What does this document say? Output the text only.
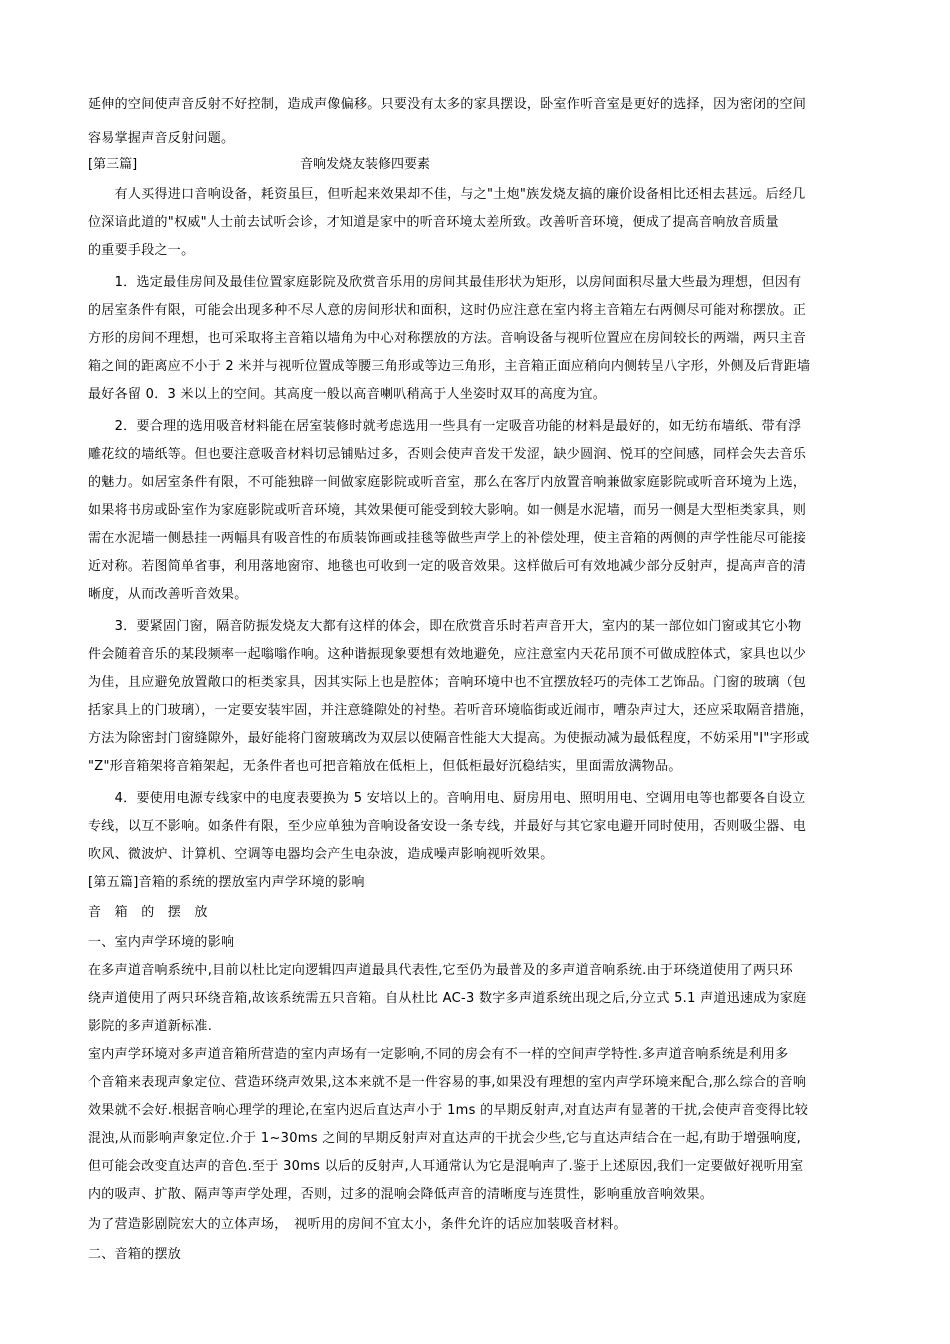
延伸的空间使声音反射不好控制，造成声像偏移。只要没有太多的家具摆设，卧室作听音室是更好的选择，因为密闭的空间
容易掌握声音反射问题。
[第三篇]	音响发烧友装修四要素
　　有人买得进口音响设备，耗资虽巨，但听起来效果却不佳，与之"土炮"族发烧友搞的廉价设备相比还相去甚远。后经几
位深谙此道的"权威"人士前去试听会诊，才知道是家中的听音环境太差所致。改善听音环境，便成了提高音响放音质量
的重要手段之一。
　　1．选定最佳房间及最佳位置家庭影院及欣赏音乐用的房间其最佳形状为矩形，以房间面积尽量大些最为理想，但因有
的居室条件有限，可能会出现多种不尽人意的房间形状和面积，这时仍应注意在室内将主音箱左右两侧尽可能对称摆放。正
方形的房间不理想，也可采取将主音箱以墙角为中心对称摆放的方法。音响设备与视听位置应在房间较长的两端，两只主音
箱之间的距离应不小于 2 米并与视听位置成等腰三角形或等边三角形，主音箱正面应稍向内侧转呈八字形，外侧及后背距墙
最好各留 0．3 米以上的空间。其高度一般以高音喇叭稍高于人坐姿时双耳的高度为宜。
　　2．要合理的选用吸音材料能在居室装修时就考虑选用一些具有一定吸音功能的材料是最好的，如无纺布墙纸、带有浮
雕花纹的墙纸等。但也要注意吸音材料切忌铺贴过多，否则会使声音发干发涩，缺少圆润、悦耳的空间感，同样会失去音乐
的魅力。如居室条件有限，不可能独辟一间做家庭影院或听音室，那么在客厅内放置音响兼做家庭影院或听音环境为上选，
如果将书房或卧室作为家庭影院或听音环境，其效果便可能受到较大影响。如一侧是水泥墙，而另一侧是大型柜类家具，则
需在水泥墙一侧悬挂一两幅具有吸音性的布质装饰画或挂毯等做些声学上的补偿处理，使主音箱的两侧的声学性能尽可能接
近对称。若图简单省事，利用落地窗帘、地毯也可收到一定的吸音效果。这样做后可有效地减少部分反射声，提高声音的清
晰度，从而改善听音效果。
　　3．要紧固门窗，隔音防振发烧友大都有这样的体会，即在欣赏音乐时若声音开大，室内的某一部位如门窗或其它小物
件会随着音乐的某段频率一起嗡嗡作响。这种谐振现象要想有效地避免，应注意室内天花吊顶不可做成腔体式，家具也以少
为佳，且应避免放置敞口的柜类家具，因其实际上也是腔体；音响环境中也不宜摆放轻巧的壳体工艺饰品。门窗的玻璃（包
括家具上的门玻璃），一定要安装牢固，并注意缝隙处的衬垫。若听音环境临街或近闹市，嘈杂声过大，还应采取隔音措施，
方法为除密封门窗缝隙外，最好能将门窗玻璃改为双层以使隔音性能大大提高。为使振动减为最低程度，不妨采用"I"字形或
"Z"形音箱架将音箱架起，无条件者也可把音箱放在低柜上，但低柜最好沉稳结实，里面需放满物品。
　　4．要使用电源专线家中的电度表要换为 5 安培以上的。音响用电、厨房用电、照明用电、空调用电等也都要各自设立
专线，以互不影响。如条件有限，至少应单独为音响设备安设一条专线，并最好与其它家电避开同时使用，否则吸尘器、电
吹风、微波炉、计算机、空调等电器均会产生电杂波，造成噪声影响视听效果。
[第五篇]音箱的系统的摆放室内声学环境的影响
音　箱　的　摆　放
一、室内声学环境的影响
在多声道音响系统中,目前以杜比定向逻辑四声道最具代表性,它至仍为最普及的多声道音响系统.由于环绕道使用了两只环
绕声道使用了两只环绕音箱,故该系统需五只音箱。自从杜比 AC-3 数字多声道系统出现之后,分立式 5.1 声道迅速成为家庭
影院的多声道新标准.
室内声学环境对多声道音箱所营造的室内声场有一定影响,不同的房会有不一样的空间声学特性.多声道音响系统是利用多
个音箱来表现声象定位、营造环绕声效果,这本来就不是一件容易的事,如果没有理想的室内声学环境来配合,那么综合的音响
效果就不会好.根据音响心理学的理论,在室内迟后直达声小于 1ms 的早期反射声,对直达声有显著的干扰,会使声音变得比较
混浊,从而影响声象定位.介于 1~30ms 之间的早期反射声对直达声的干扰会少些,它与直达声结合在一起,有助于增强响度,
但可能会改变直达声的音色.至于 30ms 以后的反射声,人耳通常认为它是混响声了.鉴于上述原因,我们一定要做好视听用室
内的吸声、扩散、隔声等声学处理，否则，过多的混响会降低声音的清晰度与连贯性，影响重放音响效果。
为了营造影剧院宏大的立体声场，　视听用的房间不宜太小，条件允许的话应加装吸音材料。
二、音箱的摆放
